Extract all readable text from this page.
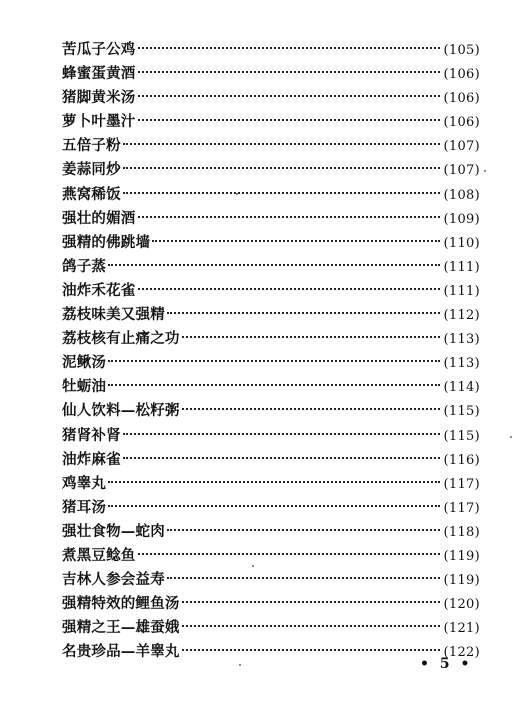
苦瓜子公鸡	(105)
蜂蜜蛋黄酒	(106)
猪脚黄米汤	(106)
萝卜叶墨汁	(106)
五倍子粉	(107)
姜蒜同炒	(107)
燕窝稀饭	(108)
强壮的媚酒	(109)
强精的佛跳墙	(110)
鸽子蒸	(111)
油炸禾花雀	(111)
荔枝味美又强精	(112)
荔枝核有止痛之功	(113)
泥鳅汤	(113)
牡蛎油	(114)
仙人饮料—松籽粥	(115)
猪肾补肾	(115)
油炸麻雀	(116)
鸡睾丸	(117)
猪耳汤	(117)
强壮食物—蛇肉	(118)
煮黑豆鲶鱼	(119)
吉林人参会益寿	(119)
强精特效的鲤鱼汤	(120)
强精之王—雄蚕娥	(121)
名贵珍品—羊睾丸	(122)
• 5 •
